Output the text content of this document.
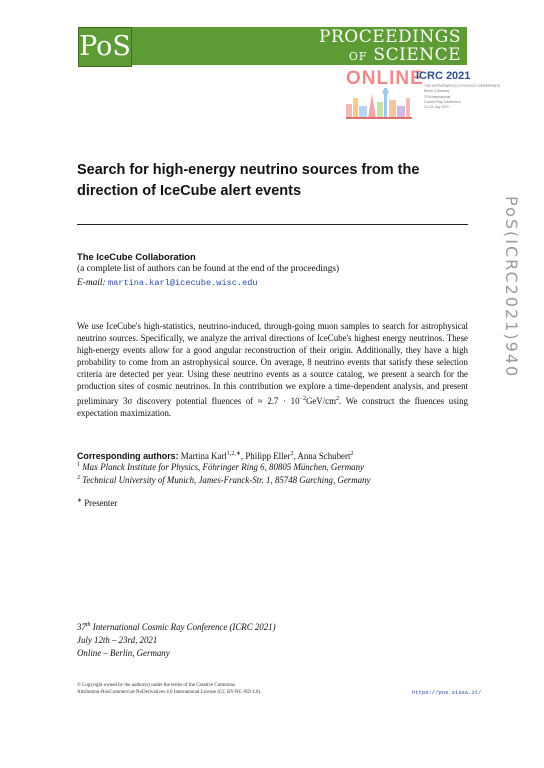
PoS	PROCEEDINGS
OF SCIENCE
ONLINE
ICRC 2021
THE ASTROPARTICLE PHYSICS CONFERENCE
Berlin | Germany
37th International
Cosmic Ray Conference
12–23 July 2021
Search for high-energy neutrino sources from the direction of IceCube alert events
The IceCube Collaboration
(a complete list of authors can be found at the end of the proceedings)
E-mail: martina.karl@icecube.wisc.edu
We use IceCube's high-statistics, neutrino-induced, through-going muon samples to search for astrophysical neutrino sources. Specifically, we analyze the arrival directions of IceCube's highest energy neutrinos. These high-energy events allow for a good angular reconstruction of their origin. Additionally, they have a high probability to come from an astrophysical source. On average, 8 neutrino events that satisfy these selection criteria are detected per year. Using these neutrino events as a source catalog, we present a search for the production sites of cosmic neutrinos. In this contribution we explore a time-dependent analysis, and present preliminary 3σ discovery potential fluences of ≈ $2.7 \cdot 10^{-2}GeV/cm^2$. We construct the fluences using expectation maximization.
Corresponding authors: Martina Karl$^{1,2,∗}$, Philipp Eller$^2$, Anna Schubert$^2$
$^1$ Max Planck Institute for Physics, Föhringer Ring 6, 80805 München, Germany
$^2$ Technical University of Munich, James-Franck-Str. 1, 85748 Garching, Germany
∗ Presenter
37th International Cosmic Ray Conference (ICRC 2021)
July 12th – 23rd, 2021
Online – Berlin, Germany
© Copyright owned by the author(s) under the terms of the Creative Commons
Attribution-NonCommercial-NoDerivatives 4.0 International License (CC BY-NC-ND 4.0).	https://pos.sissa.it/
PoS(ICRC2021)940
